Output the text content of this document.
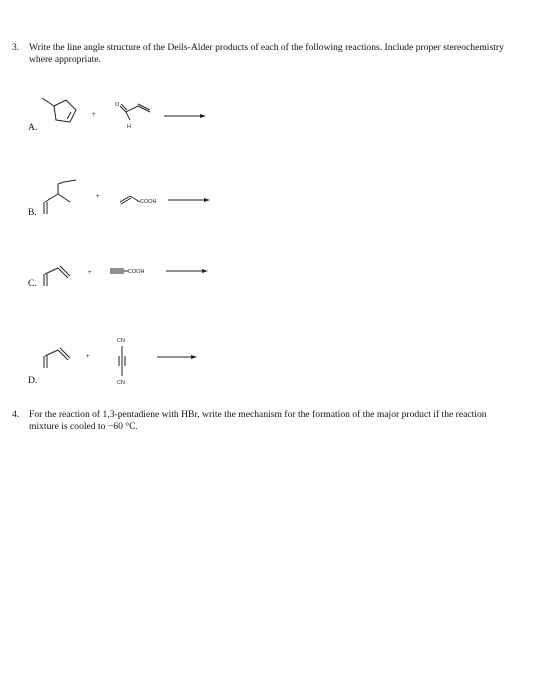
3. Write the line angle structure of the Deils-Alder products of each of the following reactions. Include proper stereochemistry where appropriate.
A.
+
O
H
B.
+
COOH
C.
+	COOH
D.
+
CN
CN
4. For the reaction of 1,3-pentadiene with HBr, write the mechanism for the formation of the major product if the reaction mixture is cooled to −60 °C.
